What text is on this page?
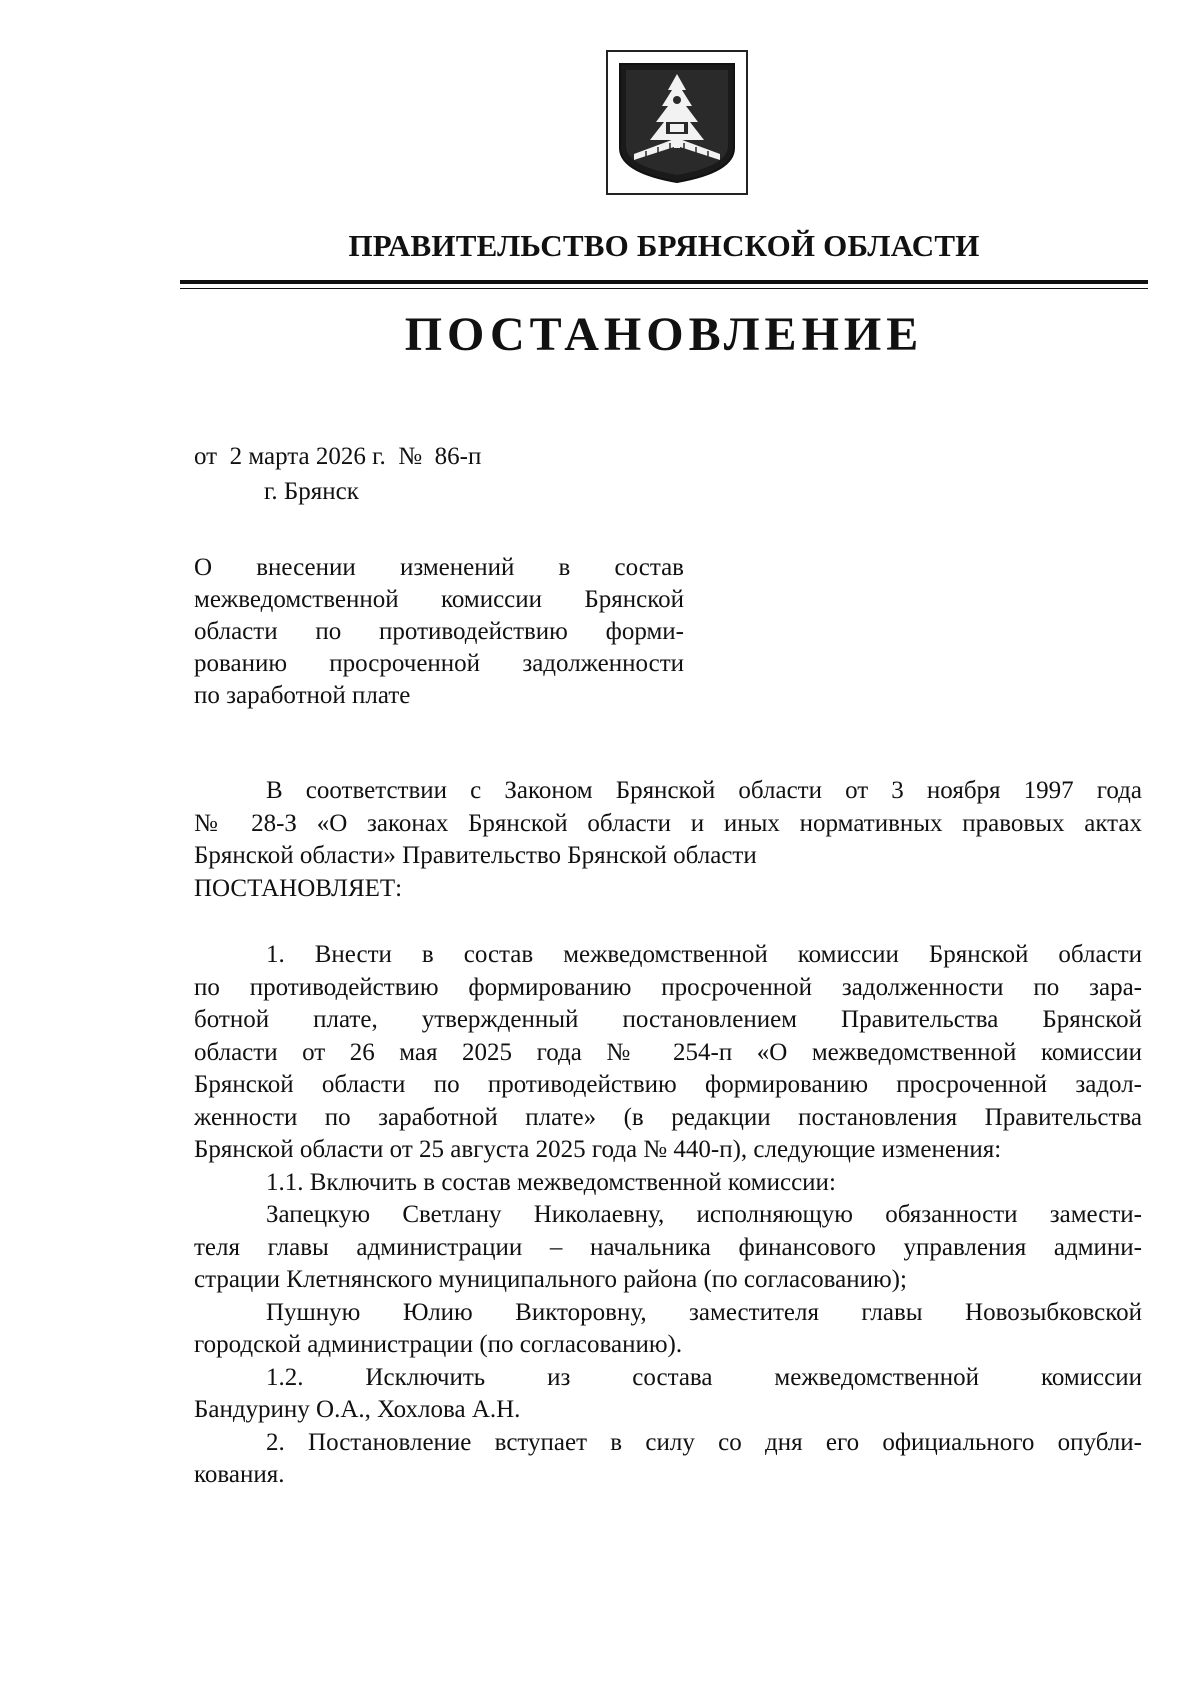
ПРАВИТЕЛЬСТВО БРЯНСКОЙ ОБЛАСТИ
ПОСТАНОВЛЕНИЕ
от  2 марта 2026 г.  №  86-п
г. Брянск
О внесении изменений в состав
межведомственной комиссии Брянской
области по противодействию форми-
рованию просроченной задолженности
по заработной плате
В соответствии с Законом Брянской области от 3 ноября 1997 года
№ 28-З «О законах Брянской области и иных нормативных правовых актах
Брянской области» Правительство Брянской области
ПОСТАНОВЛЯЕТ:
1. Внести в состав межведомственной комиссии Брянской области
по противодействию формированию просроченной задолженности по зара-
ботной плате, утвержденный постановлением Правительства Брянской
области от 26 мая 2025 года № 254-п «О межведомственной комиссии
Брянской области по противодействию формированию просроченной задол-
женности по заработной плате» (в редакции постановления Правительства
Брянской области от 25 августа 2025 года № 440-п), следующие изменения:
1.1. Включить в состав межведомственной комиссии:
Запецкую Светлану Николаевну, исполняющую обязанности замести-
теля главы администрации – начальника финансового управления админи-
страции Клетнянского муниципального района (по согласованию);
Пушную Юлию Викторовну, заместителя главы Новозыбковской
городской администрации (по согласованию).
1.2. Исключить из состава межведомственной комиссии
Бандурину О.А., Хохлова А.Н.
2. Постановление вступает в силу со дня его официального опубли-
кования.
